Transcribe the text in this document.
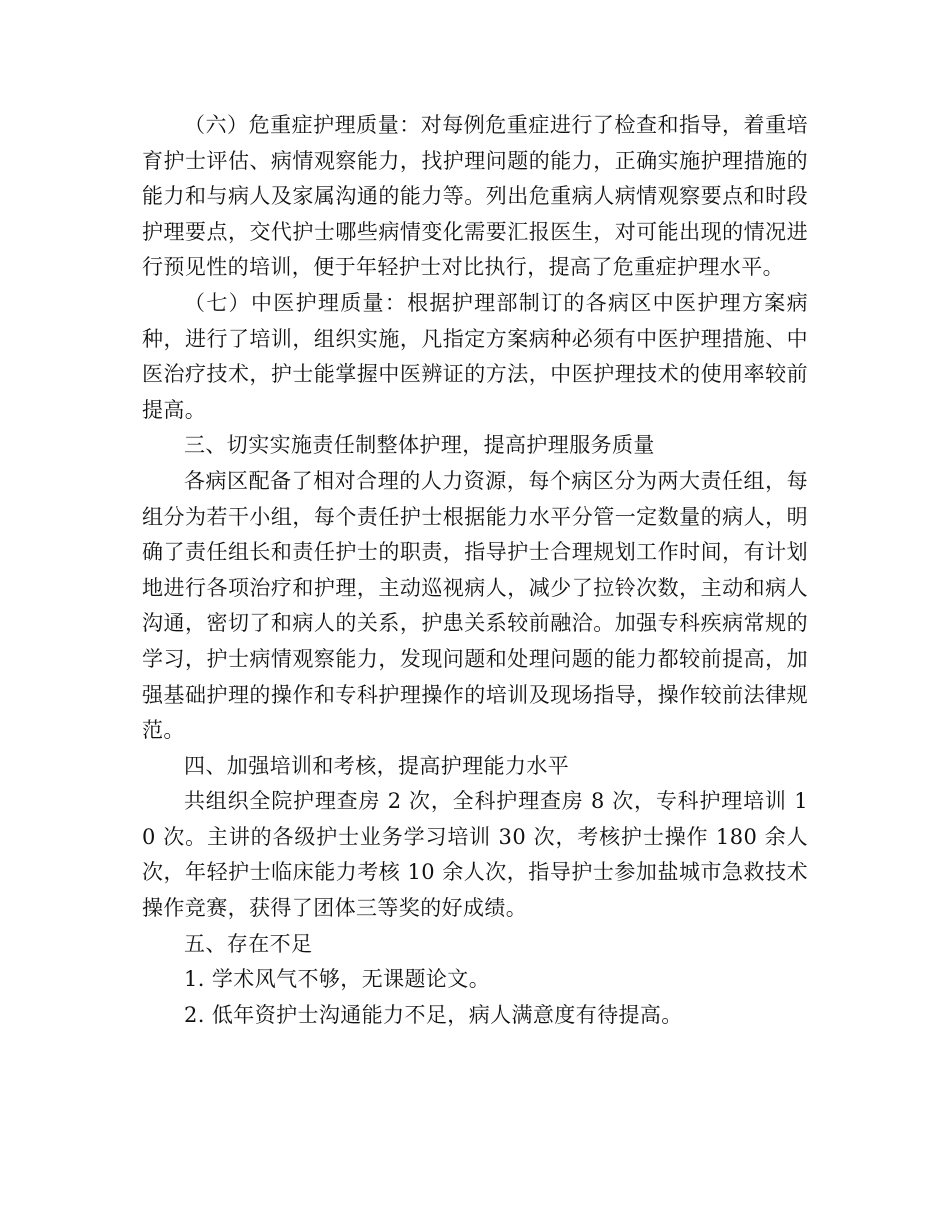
（六）危重症护理质量：对每例危重症进行了检查和指导，着重培育护士评估、病情观察能力，找护理问题的能力，正确实施护理措施的能力和与病人及家属沟通的能力等。列出危重病人病情观察要点和时段护理要点，交代护士哪些病情变化需要汇报医生，对可能出现的情况进行预见性的培训，便于年轻护士对比执行，提高了危重症护理水平。

（七）中医护理质量：根据护理部制订的各病区中医护理方案病种，进行了培训，组织实施，凡指定方案病种必须有中医护理措施、中医治疗技术，护士能掌握中医辨证的方法，中医护理技术的使用率较前提高。

三、切实实施责任制整体护理，提高护理服务质量

各病区配备了相对合理的人力资源，每个病区分为两大责任组，每组分为若干小组，每个责任护士根据能力水平分管一定数量的病人，明确了责任组长和责任护士的职责，指导护士合理规划工作时间，有计划地进行各项治疗和护理，主动巡视病人，减少了拉铃次数，主动和病人沟通，密切了和病人的关系，护患关系较前融洽。加强专科疾病常规的学习，护士病情观察能力，发现问题和处理问题的能力都较前提高，加强基础护理的操作和专科护理操作的培训及现场指导，操作较前法律规范。

四、加强培训和考核，提高护理能力水平

共组织全院护理查房 2 次，全科护理查房 8 次，专科护理培训 10 次。主讲的各级护士业务学习培训 30 次，考核护士操作 180 余人次，年轻护士临床能力考核 10 余人次，指导护士参加盐城市急救技术操作竞赛，获得了团体三等奖的好成绩。

五、存在不足

1. 学术风气不够，无课题论文。

2. 低年资护士沟通能力不足，病人满意度有待提高。
